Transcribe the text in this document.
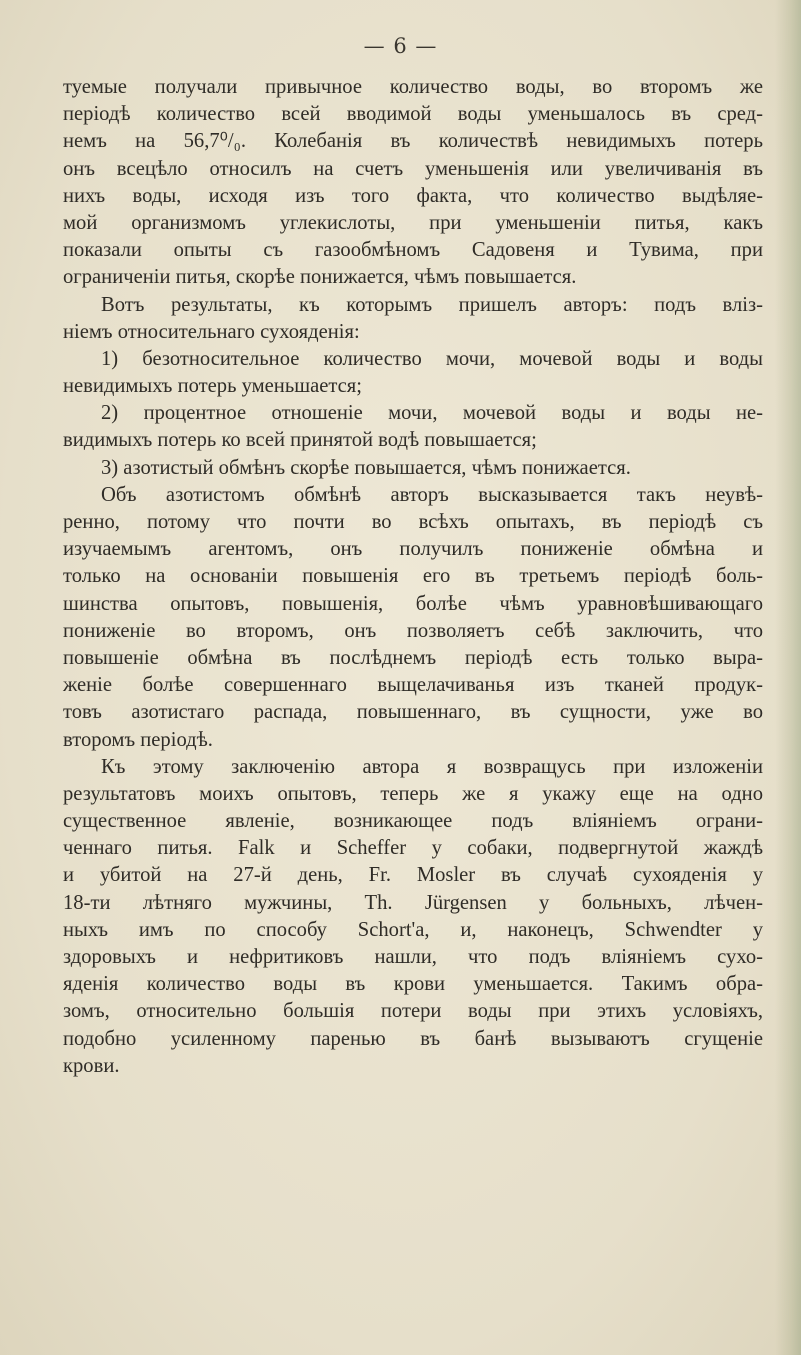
— 6 —
туемые получали привычное количество воды, во второмъ же
періодѣ количество всей вводимой воды уменьшалось въ сред-
немъ на 56,7⁰/₀. Колебанія въ количествѣ невидимыхъ потерь
онъ всецѣло относилъ на счетъ уменьшенія или увеличиванія въ
нихъ воды, исходя изъ того факта, что количество выдѣляе-
мой организмомъ углекислоты, при уменьшеніи питья, какъ
показали опыты съ газообмѣномъ Садовеня и Тувима, при
ограниченіи питья, скорѣе понижается, чѣмъ повышается.
Вотъ результаты, къ которымъ пришелъ авторъ: подъ вліз-
ніемъ относительнаго сухояденія:
1) безотносительное количество мочи, мочевой воды и воды
невидимыхъ потерь уменьшается;
2) процентное отношеніе мочи, мочевой воды и воды не-
видимыхъ потерь ко всей принятой водѣ повышается;
3) азотистый обмѣнъ скорѣе повышается, чѣмъ понижается.
Объ азотистомъ обмѣнѣ авторъ высказывается такъ неувѣ-
ренно, потому что почти во всѣхъ опытахъ, въ періодѣ съ
изучаемымъ агентомъ, онъ получилъ пониженіе обмѣна и
только на основаніи повышенія его въ третьемъ періодѣ боль-
шинства опытовъ, повышенія, болѣе чѣмъ уравновѣшивающаго
пониженіе во второмъ, онъ позволяетъ себѣ заключить, что
повышеніе обмѣна въ послѣднемъ періодѣ есть только выра-
женіе болѣе совершеннаго выщелачиванья изъ тканей продук-
товъ азотистаго распада, повышеннаго, въ сущности, уже во
второмъ періодѣ.
Къ этому заключенію автора я возвращусь при изложеніи
результатовъ моихъ опытовъ, теперь же я укажу еще на одно
существенное явленіе, возникающее подъ вліяніемъ ограни-
ченнаго питья. Falk и Scheffer у собаки, подвергнутой жаждѣ
и убитой на 27-й день, Fr. Mosler въ случаѣ сухояденія у
18-ти лѣтняго мужчины, Th. Jürgensen у больныхъ, лѣчен-
ныхъ имъ по способу Schort'а, и, наконецъ, Schwendter у
здоровыхъ и нефритиковъ нашли, что подъ вліяніемъ сухо-
яденія количество воды въ крови уменьшается. Такимъ обра-
зомъ, относительно большія потери воды при этихъ условіяхъ,
подобно усиленному паренью въ банѣ вызываютъ сгущеніе
крови.
